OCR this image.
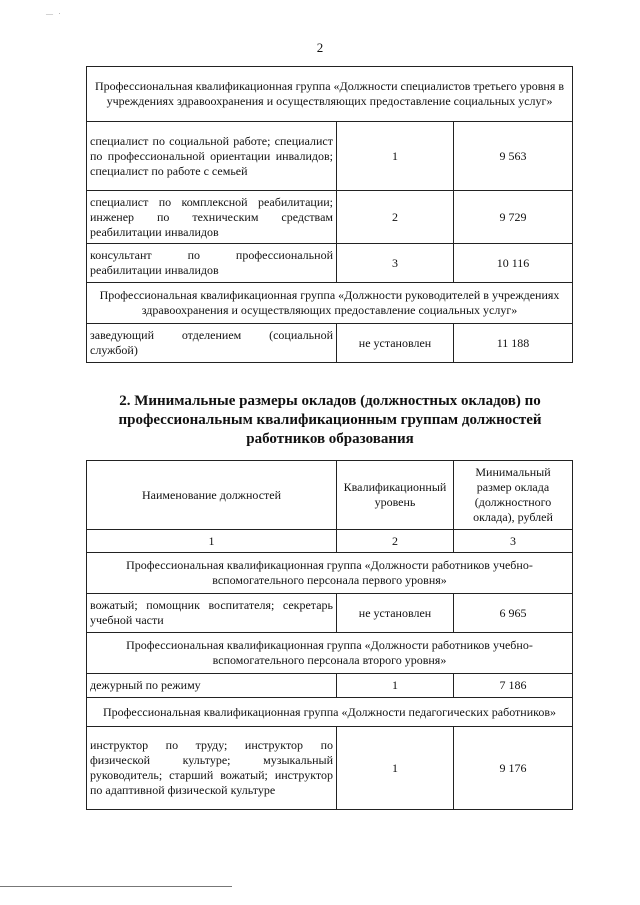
—   ·
2
Профессиональная квалификационная группа «Должности специалистов третьего уровня в учреждениях здравоохранения и осуществляющих предоставление социальных услуг»		
специалист по социальной работе; специалист по профессиональной ориентации инвалидов; специалист по работе с семьей	1	9 563
специалист по комплексной реабилитации; инженер по техническим средствам реабилитации инвалидов	2	9 729
консультант по профессиональной реабилитации инвалидов	3	10 116
Профессиональная квалификационная группа «Должности руководителей в учреждениях здравоохранения и осуществляющих предоставление социальных услуг»		
заведующий отделением (социальной службой)	не установлен	11 188
2. Минимальные размеры окладов (должностных окладов) по профессиональным квалификационным группам должностей работников образования
Наименование должностей	Квалификационный уровень	Минимальный размер оклада (должностного оклада), рублей
1	2	3
Профессиональная квалификационная группа «Должности работников учебно-вспомогательного персонала первого уровня»		
вожатый; помощник воспитателя; секретарь учебной части	не установлен	6 965
Профессиональная квалификационная группа «Должности работников учебно-вспомогательного персонала второго уровня»		
дежурный по режиму	1	7 186
Профессиональная квалификационная группа «Должности педагогических работников»		
инструктор по труду; инструктор по физической культуре; музыкальный руководитель; старший вожатый; инструктор по адаптивной физической культуре	1	9 176
